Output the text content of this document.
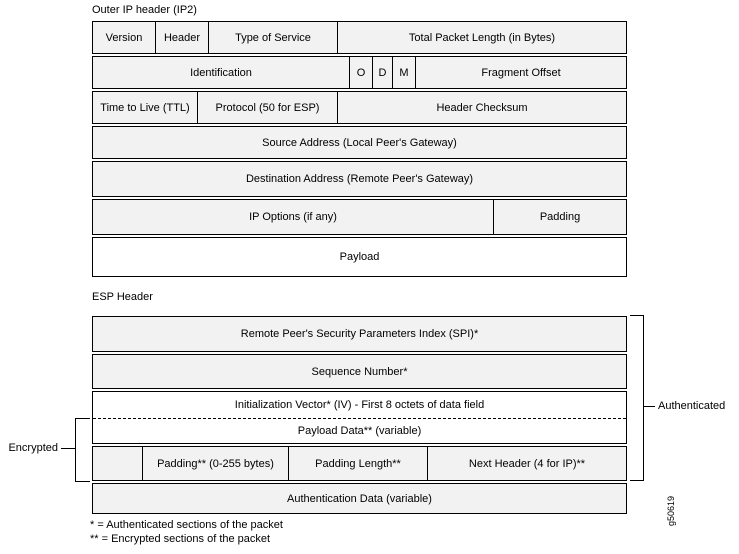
Outer IP header (IP2)
Version	Header	Type of Service	Total Packet Length (in Bytes)
Identification	O	D	M	Fragment Offset
Time to Live (TTL)	Protocol (50 for ESP)	Header Checksum
Source Address (Local Peer's Gateway)
Destination Address (Remote Peer's Gateway)
IP Options (if any)	Padding
Payload
ESP Header
Remote Peer's Security Parameters Index (SPI)*
Sequence Number*
Initialization Vector* (IV) - First 8 octets of data field
Payload Data** (variable)
Padding** (0-255 bytes)	Padding Length**	Next Header (4 for IP)**
Authentication Data (variable)
Authenticated
Encrypted
* = Authenticated sections of the packet
** = Encrypted sections of the packet
g50619
